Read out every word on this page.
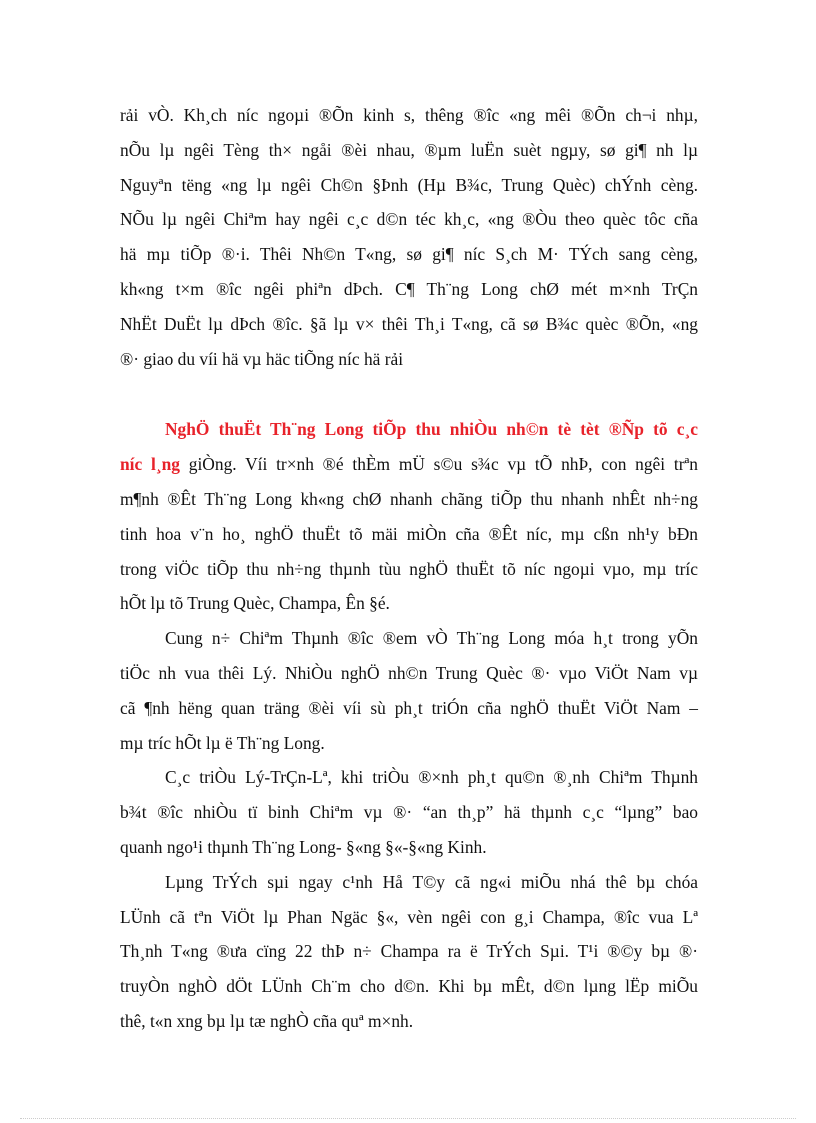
rải vÒ. Kh¸ch níc ngoµi ®Õn kinh s, thêng ®îc «ng mêi ®Õn ch¬i nhµ,
nÕu lµ ngêi Tèng th× ngåi ®èi nhau, ®µm luËn suèt ngµy, sø gi¶ nh lµ
Nguyªn tëng «ng lµ ngêi Ch©n §Þnh (Hµ B¾c, Trung Quèc) chÝnh cèng.
NÕu lµ ngêi Chiªm hay ngêi c¸c d©n téc kh¸c, «ng ®Òu theo quèc tôc cña
hä mµ tiÕp ®·i. Thêi Nh©n T«ng, sø gi¶ níc S¸ch M· TÝch sang cèng,
kh«ng t×m ®îc ngêi phiªn dÞch. C¶ Th¨ng Long chØ mét m×nh TrÇn
NhËt DuËt lµ dÞch ®îc. §ã lµ v× thêi Th¸i T«ng, cã sø B¾c quèc ®Õn, «ng
®· giao du víi hä vµ häc tiÕng níc hä rải
NghÖ thuËt Th¨ng Long tiÕp thu nhiÒu nh©n tè tèt ®Ñp tõ c¸c
níc l¸ng giÒng. Víi tr×nh ®é thÈm mÜ s©u s¾c vµ tÕ nhÞ, con ngêi trªn
m¶nh ®Êt Th¨ng Long kh«ng chØ nhanh chãng tiÕp thu nhanh nhÊt nh÷ng
tinh hoa v¨n ho¸ nghÖ thuËt tõ mäi miÒn cña ®Êt níc, mµ cßn nh¹y bÐn
trong viÖc tiÕp thu nh÷ng thµnh tùu nghÖ thuËt tõ níc ngoµi vµo, mµ tríc
hÕt lµ tõ Trung Quèc, Champa, Ên §é.
Cung n÷ Chiªm Thµnh ®îc ®em vÒ Th¨ng Long móa h¸t trong yÕn
tiÖc nh vua thêi Lý. NhiÒu nghÖ nh©n Trung Quèc ®· vµo ViÖt Nam vµ
cã ¶nh hëng quan träng ®èi víi sù ph¸t triÓn cña nghÖ thuËt ViÖt Nam –
mµ tríc hÕt lµ ë Th¨ng Long.
C¸c triÒu Lý-TrÇn-Lª, khi triÒu ®×nh ph¸t qu©n ®¸nh Chiªm Thµnh
b¾t ®îc nhiÒu tï binh Chiªm vµ ®· “an th¸p” hä thµnh c¸c “lµng” bao
quanh ngo¹i thµnh Th¨ng Long- §«ng §«-§«ng Kinh.
Lµng TrÝch sµi ngay c¹nh Hå T©y cã ng«i miÕu nhá thê bµ chóa
LÜnh cã tªn ViÖt lµ Phan Ngäc §«, vèn ngêi con g¸i Champa, ®îc vua Lª
Th¸nh T«ng ®ưa cïng 22 thÞ n÷ Champa ra ë TrÝch Sµi. T¹i ®©y bµ ®·
truyÒn nghÒ dÖt LÜnh Ch¨m cho d©n. Khi bµ mÊt, d©n lµng lËp miÕu
thê, t«n xng bµ lµ tæ nghÒ cña quª m×nh.
